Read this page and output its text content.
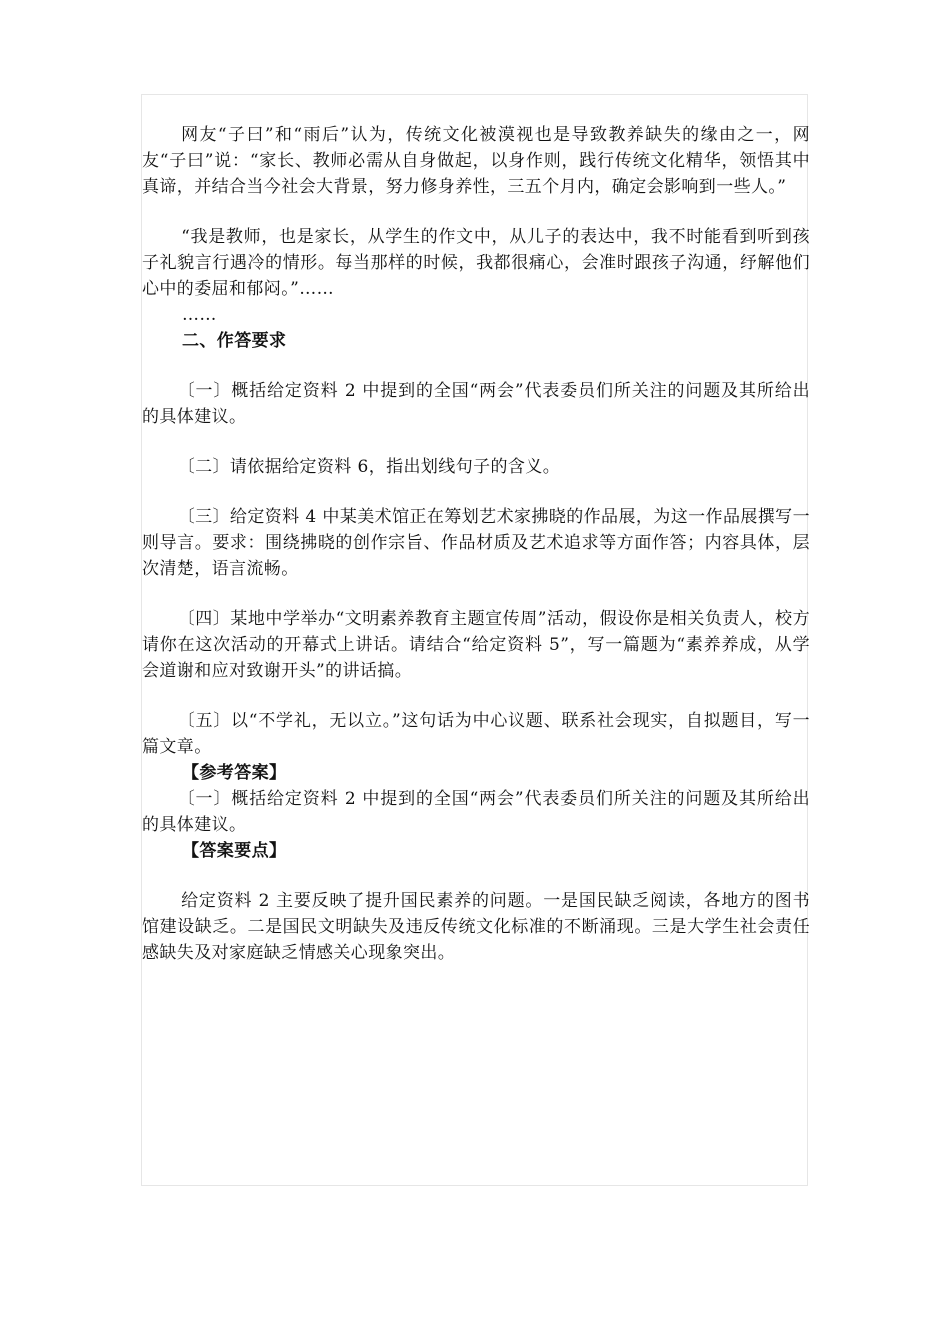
网友“子曰”和“雨后”认为，传统文化被漠视也是导致教养缺失的缘由之一，网友“子曰”说：“家长、教师必需从自身做起，以身作则，践行传统文化精华，领悟其中真谛，并结合当今社会大背景，努力修身养性，三五个月内，确定会影响到一些人。”

“我是教师，也是家长，从学生的作文中，从儿子的表达中，我不时能看到听到孩子礼貌言行遇冷的情形。每当那样的时候，我都很痛心，会准时跟孩子沟通，纾解他们心中的委屈和郁闷。”……

……

二、作答要求

〔一〕概括给定资料 2 中提到的全国“两会”代表委员们所关注的问题及其所给出的具体建议。

〔二〕请依据给定资料 6，指出划线句子的含义。

〔三〕给定资料 4 中某美术馆正在筹划艺术家拂晓的作品展，为这一作品展撰写一则导言。要求：围绕拂晓的创作宗旨、作品材质及艺术追求等方面作答；内容具体，层次清楚，语言流畅。

〔四〕某地中学举办“文明素养教育主题宣传周”活动，假设你是相关负责人，校方请你在这次活动的开幕式上讲话。请结合“给定资料 5”，写一篇题为“素养养成，从学会道谢和应对致谢开头”的讲话搞。

〔五〕以“不学礼，无以立。”这句话为中心议题、联系社会现实，自拟题目，写一篇文章。

【参考答案】

〔一〕概括给定资料 2 中提到的全国“两会”代表委员们所关注的问题及其所给出的具体建议。

【答案要点】

给定资料 2 主要反映了提升国民素养的问题。一是国民缺乏阅读，各地方的图书馆建设缺乏。二是国民文明缺失及违反传统文化标准的不断涌现。三是大学生社会责任感缺失及对家庭缺乏情感关心现象突出。
